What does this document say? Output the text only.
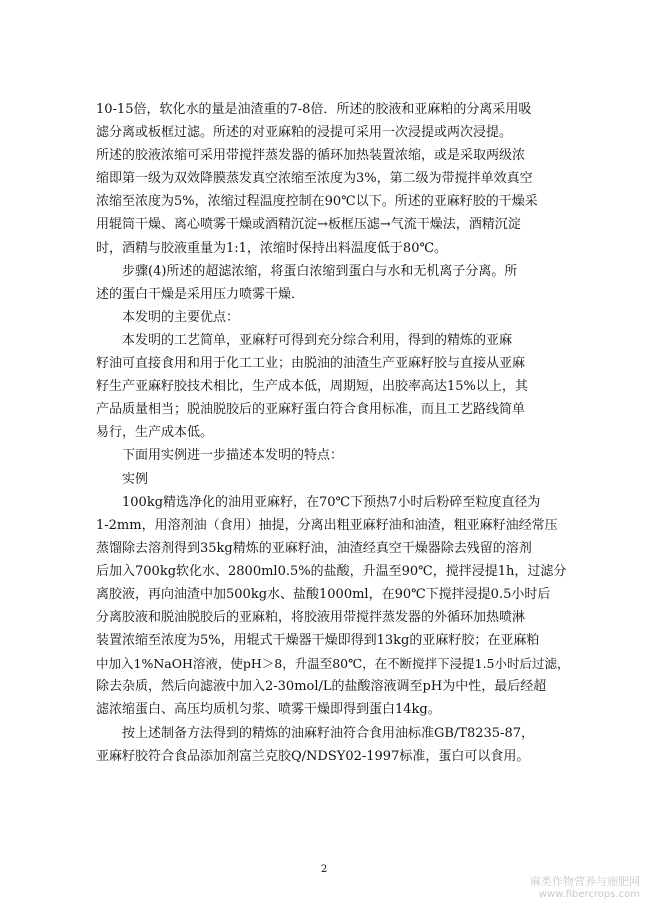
10-15倍，软化水的量是油渣重的7-8倍．所述的胶液和亚麻粕的分离采用吸
滤分离或板框过滤。所述的对亚麻粕的浸提可采用一次浸提或两次浸提。
所述的胶液浓缩可采用带搅拌蒸发器的循环加热装置浓缩，或是采取两级浓
缩即第一级为双效降膜蒸发真空浓缩至浓度为3%，第二级为带搅拌单效真空
浓缩至浓度为5%，浓缩过程温度控制在90℃以下。所述的亚麻籽胶的干燥采
用辊筒干燥、离心喷雾干燥或酒精沉淀→板框压滤→气流干燥法，酒精沉淀
时，酒精与胶液重量为1:1，浓缩时保持出料温度低于80℃。
步骤(4)所述的超滤浓缩，将蛋白浓缩到蛋白与水和无机离子分离。所
述的蛋白干燥是采用压力喷雾干燥．
本发明的主要优点：
本发明的工艺简单，亚麻籽可得到充分综合利用，得到的精炼的亚麻
籽油可直接食用和用于化工工业；由脱油的油渣生产亚麻籽胶与直接从亚麻
籽生产亚麻籽胶技术相比，生产成本低，周期短，出胶率高达15%以上，其
产品质量相当；脱油脱胶后的亚麻籽蛋白符合食用标准，而且工艺路线简单
易行，生产成本低。
下面用实例进一步描述本发明的特点：
实例
100kg精选净化的油用亚麻籽，在70℃下预热7小时后粉碎至粒度直径为
1-2mm，用溶剂油（食用）抽提，分离出粗亚麻籽油和油渣，粗亚麻籽油经常压
蒸馏除去溶剂得到35kg精炼的亚麻籽油，油渣经真空干燥器除去残留的溶剂
后加入700kg软化水、2800ml0.5%的盐酸，升温至90℃，搅拌浸提1h，过滤分
离胶液，再向油渣中加500kg水、盐酸1000ml，在90℃下搅拌浸提0.5小时后
分离胶液和脱油脱胶后的亚麻粕，将胶液用带搅拌蒸发器的外循环加热喷淋
装置浓缩至浓度为5%，用辊式干燥器干燥即得到13kg的亚麻籽胶；在亚麻粕
中加入1%NaOH溶液，使pH＞8，升温至80℃，在不断搅拌下浸提1.5小时后过滤，
除去杂质，然后向滤液中加入2-30mol/L的盐酸溶液调至pH为中性，最后经超
滤浓缩蛋白、高压均质机匀浆、喷雾干燥即得到蛋白14kg。
按上述制备方法得到的精炼的油麻籽油符合食用油标准GB/T8235-87，
亚麻籽胶符合食品添加剂富兰克胶Q/NDSY02-1997标准，蛋白可以食用。
2
麻类作物营养与施肥网
www.fibercrops.com
